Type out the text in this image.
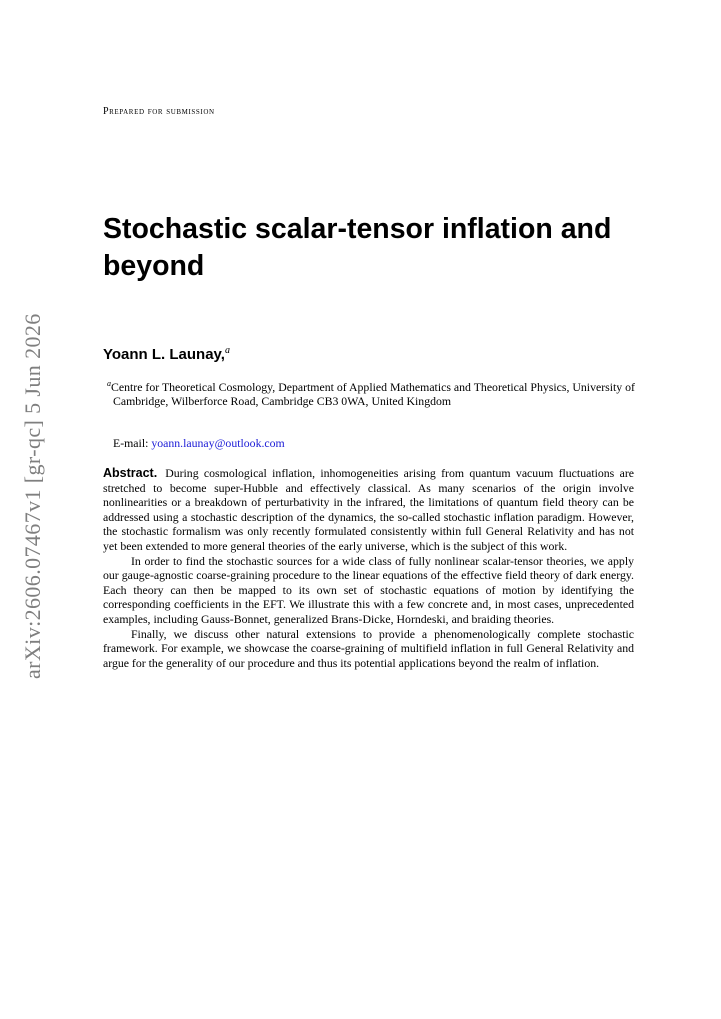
arXiv:2606.07467v1 [gr-qc] 5 Jun 2026
Prepared for submission
Stochastic scalar-tensor inflation and beyond
Yoann L. Launay,$^a$
$^a$Centre for Theoretical Cosmology, Department of Applied Mathematics and Theoretical Physics, University of Cambridge, Wilberforce Road, Cambridge CB3 0WA, United Kingdom
E-mail: yoann.launay@outlook.com

Abstract. During cosmological inflation, inhomogeneities arising from quantum vacuum fluctuations are stretched to become super-Hubble and effectively classical. As many scenarios of the origin involve nonlinearities or a breakdown of perturbativity in the infrared, the limitations of quantum field theory can be addressed using a stochastic description of the dynamics, the so-called stochastic inflation paradigm. However, the stochastic formalism was only recently formulated consistently within full General Relativity and has not yet been extended to more general theories of the early universe, which is the subject of this work.

In order to find the stochastic sources for a wide class of fully nonlinear scalar-tensor theories, we apply our gauge-agnostic coarse-graining procedure to the linear equations of the effective field theory of dark energy. Each theory can then be mapped to its own set of stochastic equations of motion by identifying the corresponding coefficients in the EFT. We illustrate this with a few concrete and, in most cases, unprecedented examples, including Gauss-Bonnet, generalized Brans-Dicke, Horndeski, and braiding theories.

Finally, we discuss other natural extensions to provide a phenomenologically complete stochastic framework. For example, we showcase the coarse-graining of multifield inflation in full General Relativity and argue for the generality of our procedure and thus its potential applications beyond the realm of inflation.
